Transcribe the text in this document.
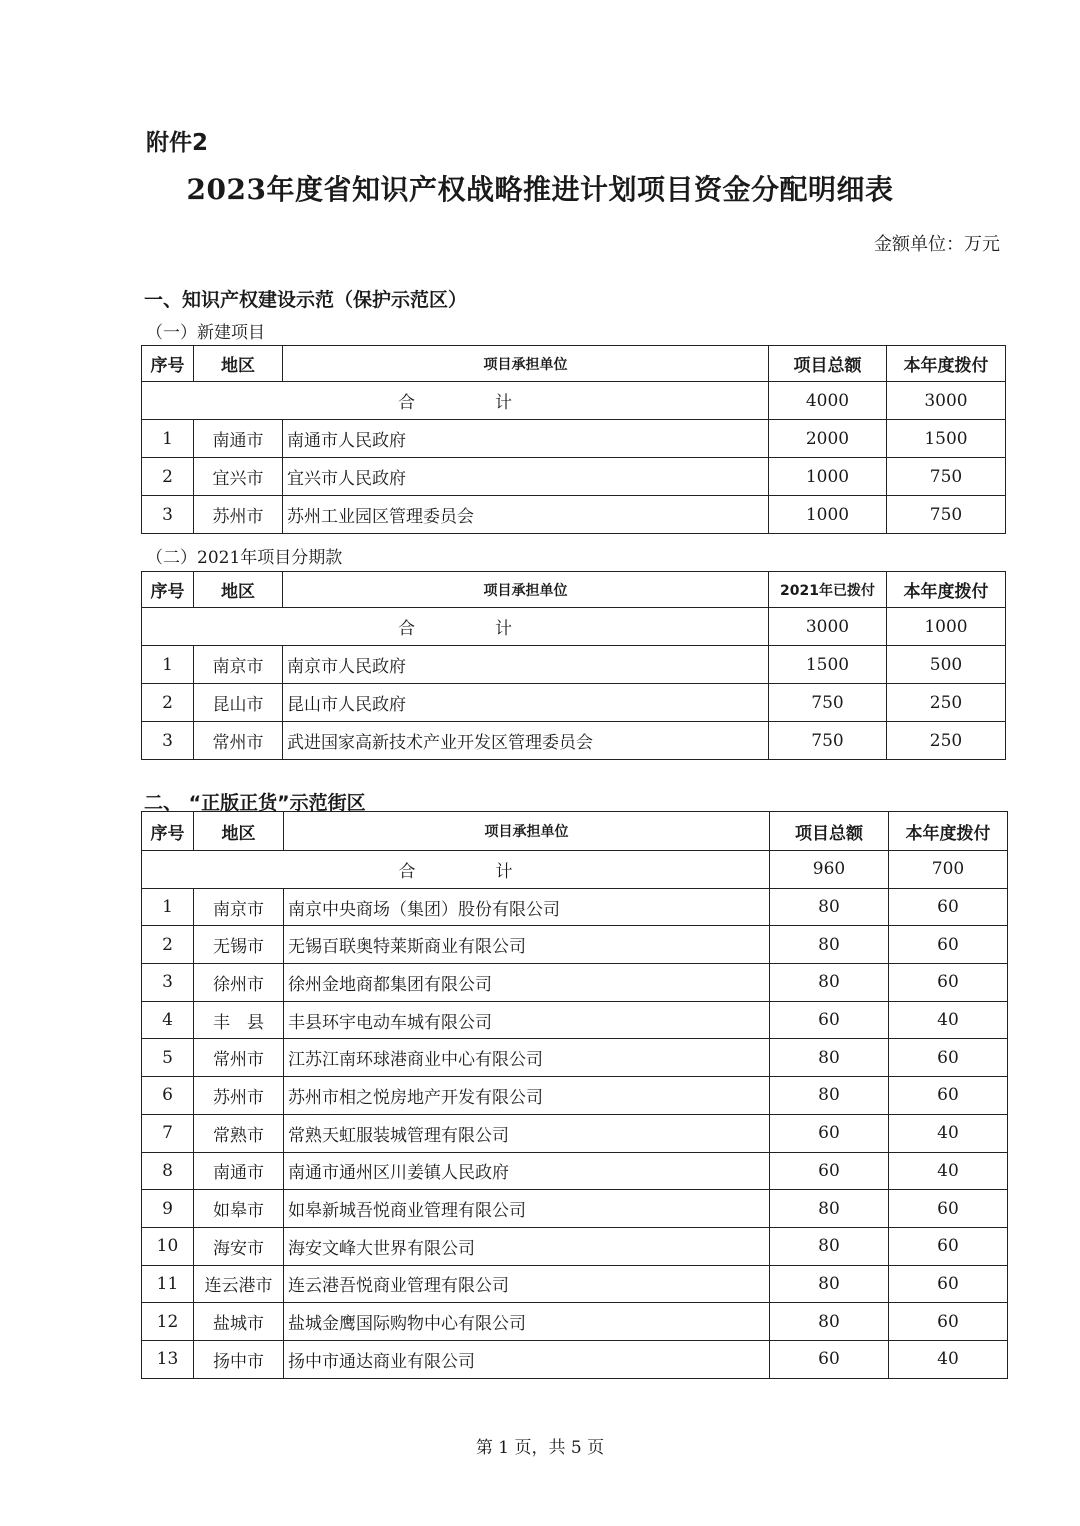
附件2
2023年度省知识产权战略推进计划项目资金分配明细表
金额单位：万元
一、知识产权建设示范（保护示范区）
（一）新建项目
序号	地区	项目承担单位	项目总额	本年度拨付
合 计			4000	3000
1	南通市	南通市人民政府	2000	1500
2	宜兴市	宜兴市人民政府	1000	750
3	苏州市	苏州工业园区管理委员会	1000	750
（二）2021年项目分期款
序号	地区	项目承担单位	2021年已拨付	本年度拨付
合 计			3000	1000
1	南京市	南京市人民政府	1500	500
2	昆山市	昆山市人民政府	750	250
3	常州市	武进国家高新技术产业开发区管理委员会	750	250
二、 “正版正货”示范街区
序号	地区	项目承担单位	项目总额	本年度拨付
合 计			960	700
1	南京市	南京中央商场（集团）股份有限公司	80	60
2	无锡市	无锡百联奥特莱斯商业有限公司	80	60
3	徐州市	徐州金地商都集团有限公司	80	60
4	丰　县	丰县环宇电动车城有限公司	60	40
5	常州市	江苏江南环球港商业中心有限公司	80	60
6	苏州市	苏州市相之悦房地产开发有限公司	80	60
7	常熟市	常熟天虹服装城管理有限公司	60	40
8	南通市	南通市通州区川姜镇人民政府	60	40
9	如皋市	如皋新城吾悦商业管理有限公司	80	60
10	海安市	海安文峰大世界有限公司	80	60
11	连云港市	连云港吾悦商业管理有限公司	80	60
12	盐城市	盐城金鹰国际购物中心有限公司	80	60
13	扬中市	扬中市通达商业有限公司	60	40
第 1 页，共 5 页
